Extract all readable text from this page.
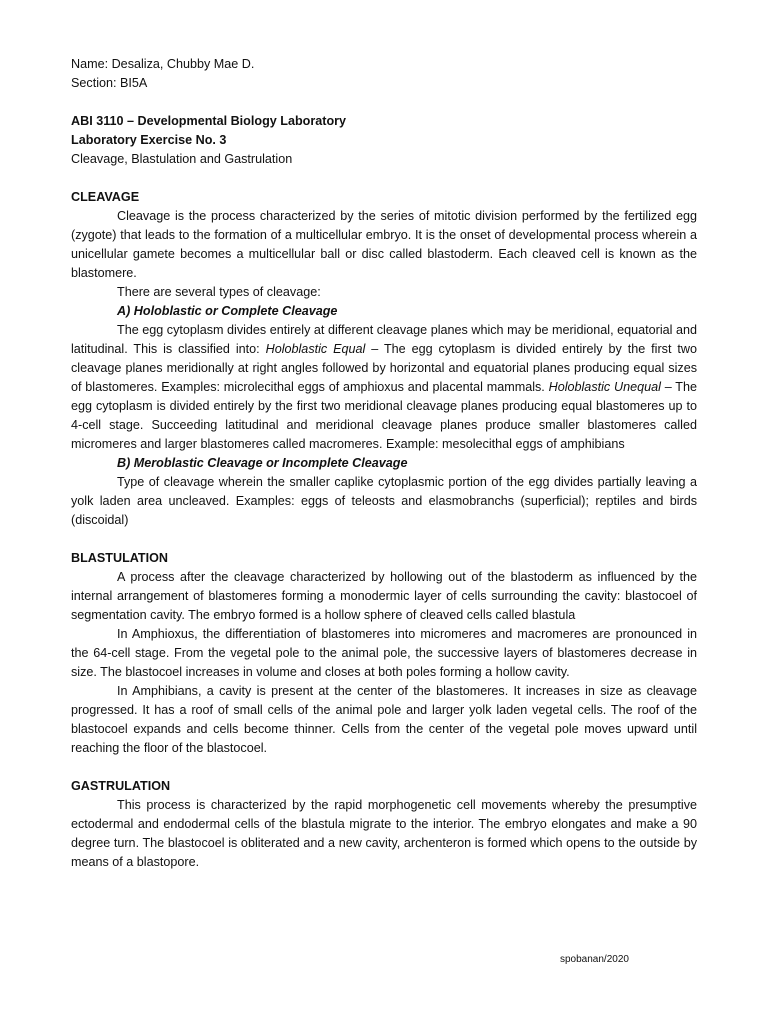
Name: Desaliza, Chubby Mae D.

Section: BI5A

ABI 3110 – Developmental Biology Laboratory

Laboratory Exercise No. 3

Cleavage, Blastulation and Gastrulation

CLEAVAGE

Cleavage is the process characterized by the series of mitotic division performed by the fertilized egg (zygote) that leads to the formation of a multicellular embryo. It is the onset of developmental process wherein a unicellular gamete becomes a multicellular ball or disc called blastoderm. Each cleaved cell is known as the blastomere.

There are several types of cleavage:

A) Holoblastic or Complete Cleavage

The egg cytoplasm divides entirely at different cleavage planes which may be meridional, equatorial and latitudinal. This is classified into: Holoblastic Equal – The egg cytoplasm is divided entirely by the first two cleavage planes meridionally at right angles followed by horizontal and equatorial planes producing equal sizes of blastomeres. Examples: microlecithal eggs of amphioxus and placental mammals. Holoblastic Unequal – The egg cytoplasm is divided entirely by the first two meridional cleavage planes producing equal blastomeres up to 4-cell stage. Succeeding latitudinal and meridional cleavage planes produce smaller blastomeres called micromeres and larger blastomeres called macromeres. Example: mesolecithal eggs of amphibians

B) Meroblastic Cleavage or Incomplete Cleavage

Type of cleavage wherein the smaller caplike cytoplasmic portion of the egg divides partially leaving a yolk laden area uncleaved. Examples: eggs of teleosts and elasmobranchs (superficial); reptiles and birds (discoidal)

BLASTULATION

A process after the cleavage characterized by hollowing out of the blastoderm as influenced by the internal arrangement of blastomeres forming a monodermic layer of cells surrounding the cavity: blastocoel of segmentation cavity. The embryo formed is a hollow sphere of cleaved cells called blastula

In Amphioxus, the differentiation of blastomeres into micromeres and macromeres are pronounced in the 64-cell stage. From the vegetal pole to the animal pole, the successive layers of blastomeres decrease in size. The blastocoel increases in volume and closes at both poles forming a hollow cavity.

In Amphibians, a cavity is present at the center of the blastomeres. It increases in size as cleavage progressed. It has a roof of small cells of the animal pole and larger yolk laden vegetal cells. The roof of the blastocoel expands and cells become thinner. Cells from the center of the vegetal pole moves upward until reaching the floor of the blastocoel.

GASTRULATION

This process is characterized by the rapid morphogenetic cell movements whereby the presumptive ectodermal and endodermal cells of the blastula migrate to the interior. The embryo elongates and make a 90 degree turn. The blastocoel is obliterated and a new cavity, archenteron is formed which opens to the outside by means of a blastopore.

spobanan/2020
